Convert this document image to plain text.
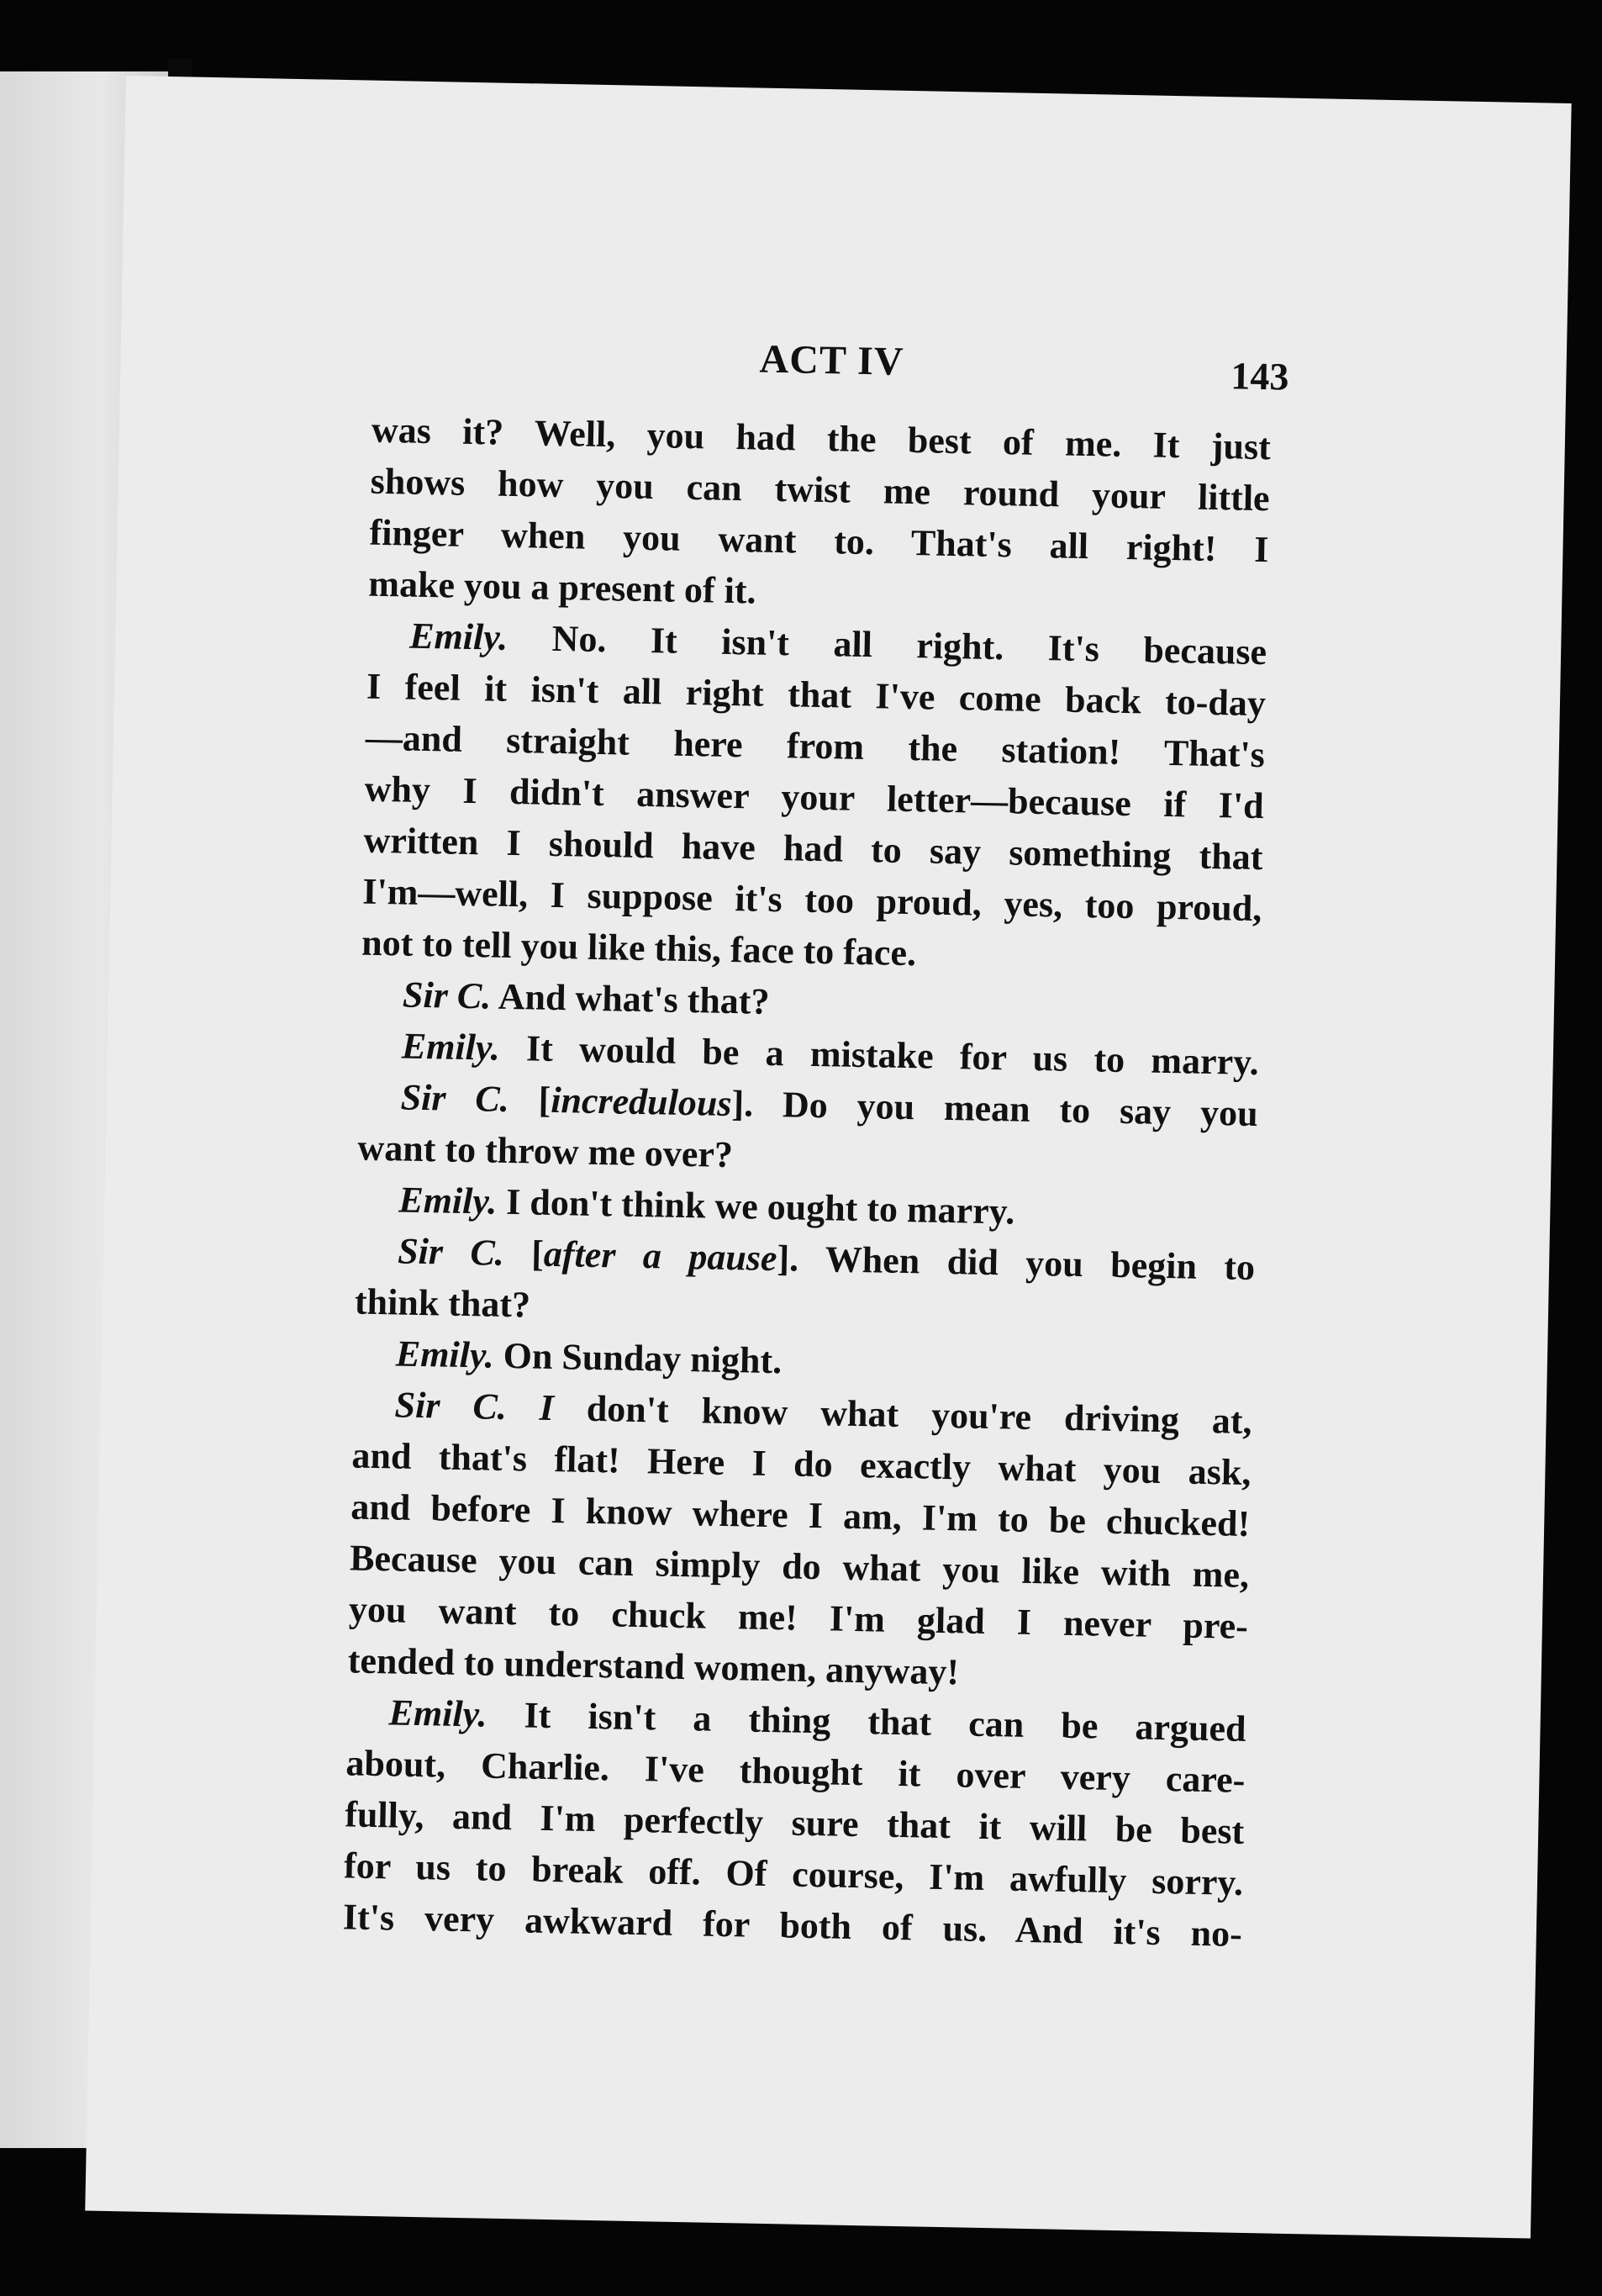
ACT IV	143
was it? Well, you had the best of me. It just
shows how you can twist me round your little
finger when you want to. That's all right! I
make you a present of it.
Emily. No. It isn't all right. It's because
I feel it isn't all right that I've come back to-day
—and straight here from the station! That's
why I didn't answer your letter—because if I'd
written I should have had to say something that
I'm—well, I suppose it's too proud, yes, too proud,
not to tell you like this, face to face.
Sir C. And what's that?
Emily. It would be a mistake for us to marry.
Sir C. [incredulous]. Do you mean to say you
want to throw me over?
Emily. I don't think we ought to marry.
Sir C. [after a pause]. When did you begin to
think that?
Emily. On Sunday night.
Sir C. I don't know what you're driving at,
and that's flat! Here I do exactly what you ask,
and before I know where I am, I'm to be chucked!
Because you can simply do what you like with me,
you want to chuck me! I'm glad I never pre-
tended to understand women, anyway!
Emily. It isn't a thing that can be argued
about, Charlie. I've thought it over very care-
fully, and I'm perfectly sure that it will be best
for us to break off. Of course, I'm awfully sorry.
It's very awkward for both of us. And it's no-
